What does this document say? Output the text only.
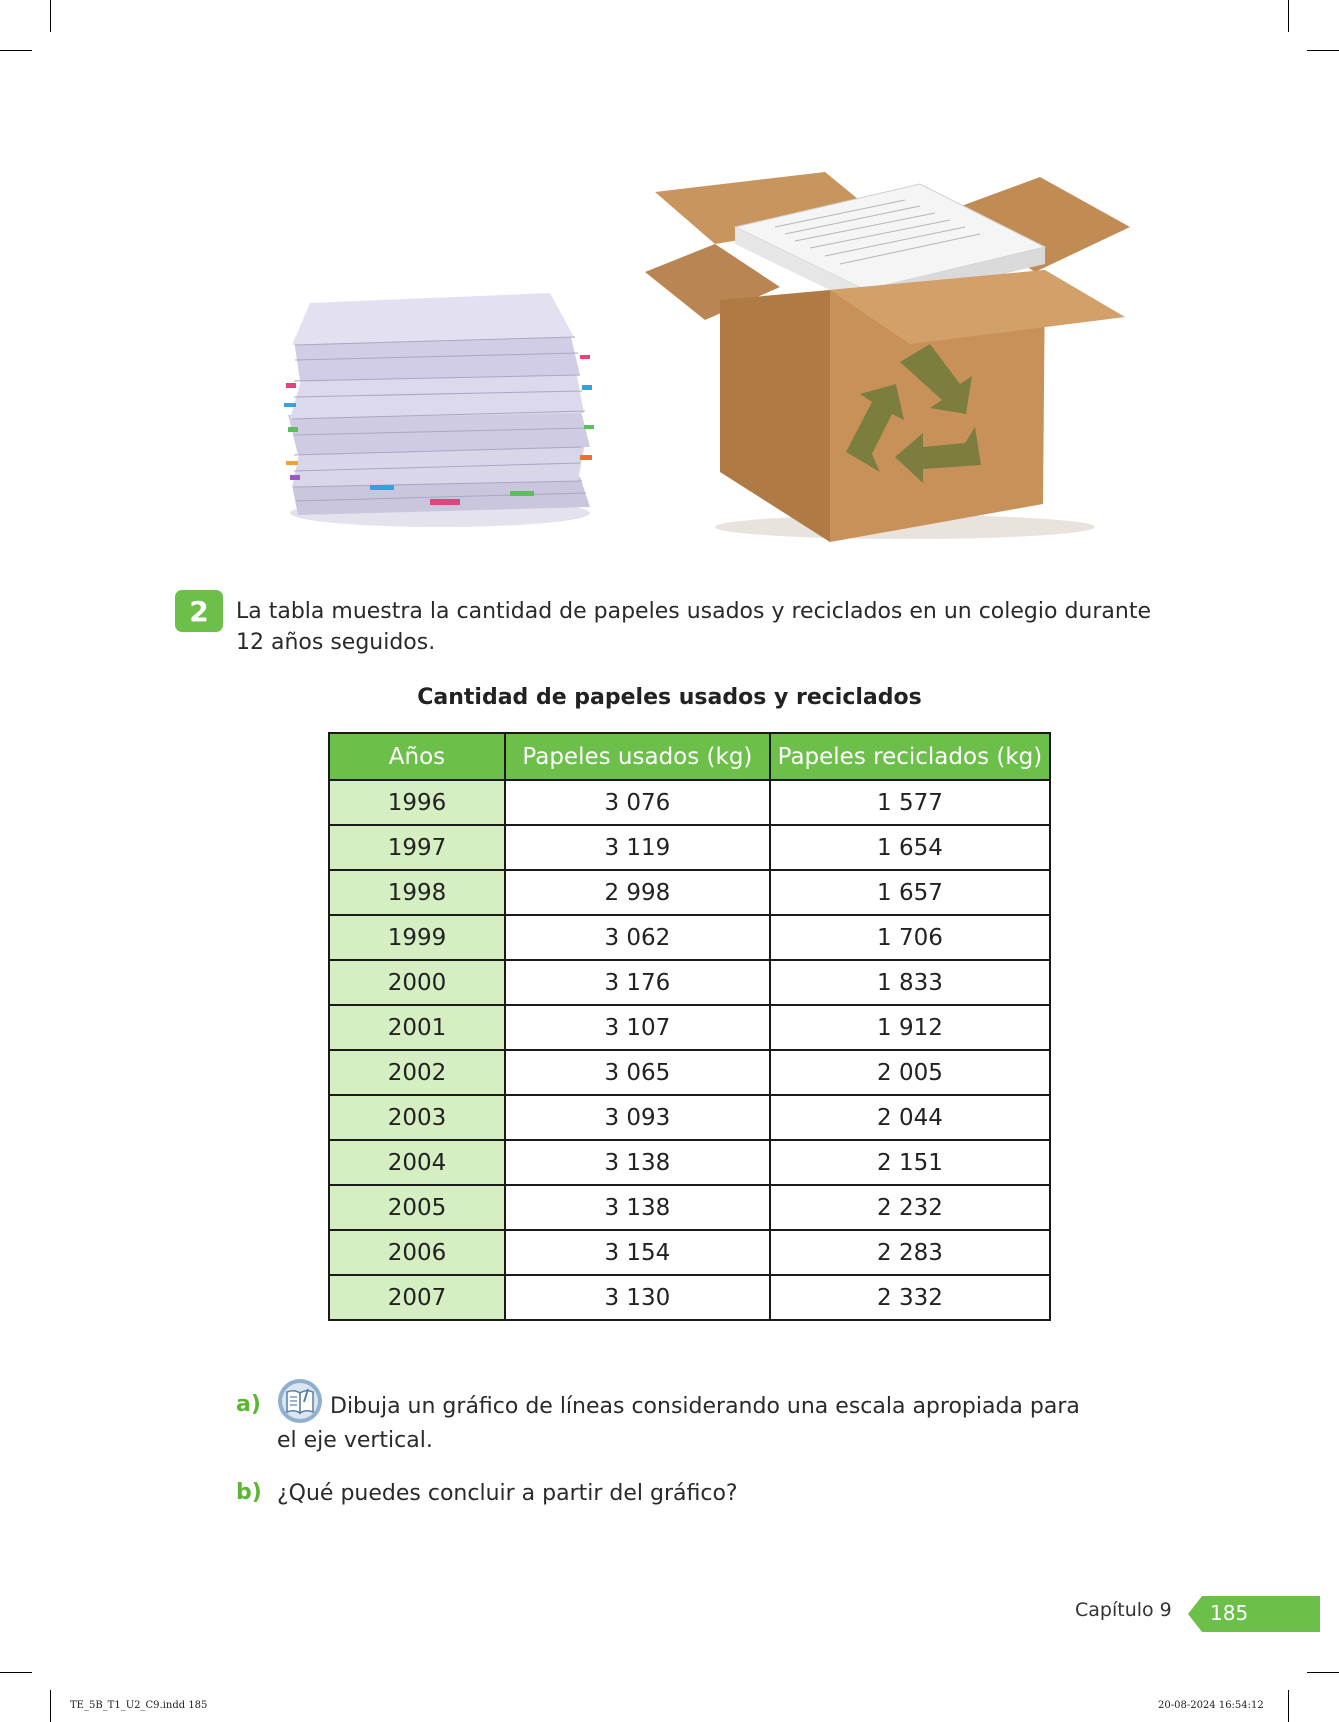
2	La tabla muestra la cantidad de papeles usados y reciclados en un colegio durante 12 años seguidos.

Cantidad de papeles usados y reciclados
Años	Papeles usados (kg)	Papeles reciclados (kg)
1996	3 076	1 577
1997	3 119	1 654
1998	2 998	1 657
1999	3 062	1 706
2000	3 176	1 833
2001	3 107	1 912
2002	3 065	2 005
2003	3 093	2 044
2004	3 138	2 151
2005	3 138	2 232
2006	3 154	2 283
2007	3 130	2 332
a)	Dibuja un gráfico de líneas considerando una escala apropiada para

el eje vertical.

b) ¿Qué puedes concluir a partir del gráfico?

Capítulo 9 185
TE_5B_T1_U2_C9.indd 185	20-08-2024 16:54:12
